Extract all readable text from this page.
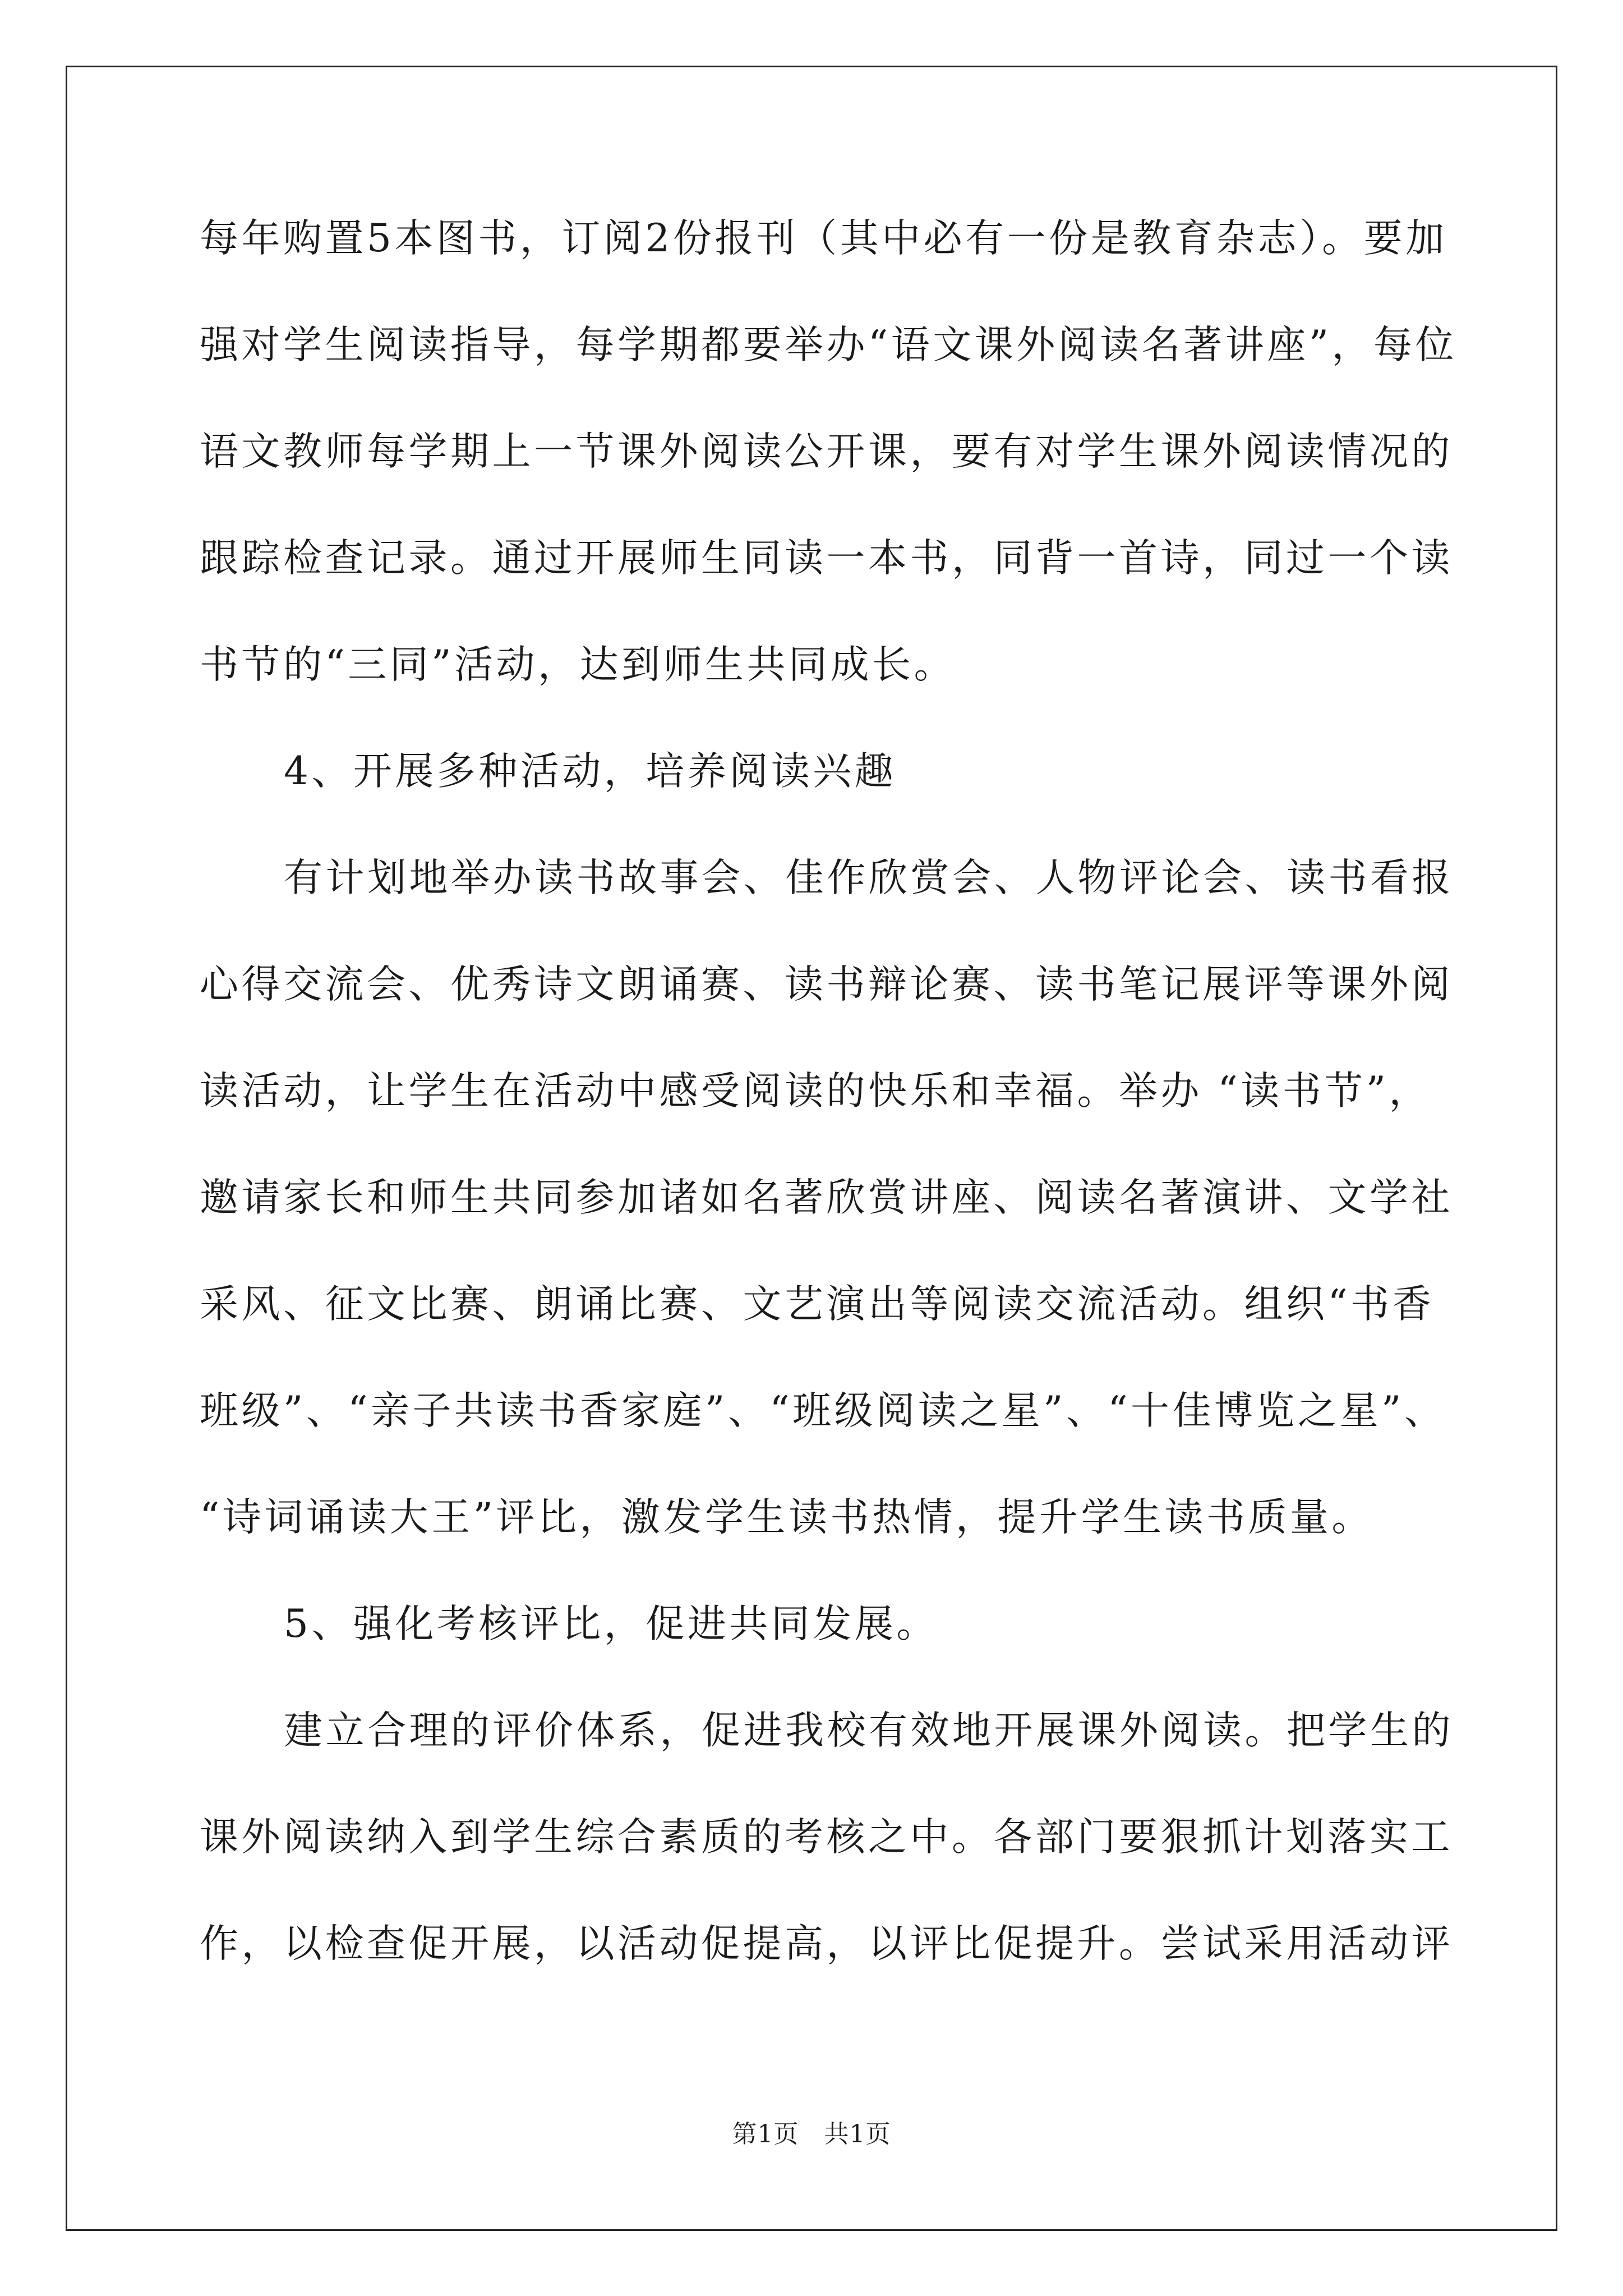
每年购置5本图书，订阅2份报刊（其中必有一份是教育杂志）。要加
强对学生阅读指导，每学期都要举办“语文课外阅读名著讲座”，每位
语文教师每学期上一节课外阅读公开课，要有对学生课外阅读情况的
跟踪检查记录。通过开展师生同读一本书，同背一首诗，同过一个读
书节的“三同”活动，达到师生共同成长。
4、开展多种活动，培养阅读兴趣
有计划地举办读书故事会、佳作欣赏会、人物评论会、读书看报
心得交流会、优秀诗文朗诵赛、读书辩论赛、读书笔记展评等课外阅
读活动，让学生在活动中感受阅读的快乐和幸福。举办 “读书节”，
邀请家长和师生共同参加诸如名著欣赏讲座、阅读名著演讲、文学社
采风、征文比赛、朗诵比赛、文艺演出等阅读交流活动。组织“书香
班级”、“亲子共读书香家庭”、“班级阅读之星”、“十佳博览之星”、
“诗词诵读大王”评比，激发学生读书热情，提升学生读书质量。
5、强化考核评比，促进共同发展。
建立合理的评价体系，促进我校有效地开展课外阅读。把学生的
课外阅读纳入到学生综合素质的考核之中。各部门要狠抓计划落实工
作，以检查促开展，以活动促提高，以评比促提升。尝试采用活动评
第1页　共1页
